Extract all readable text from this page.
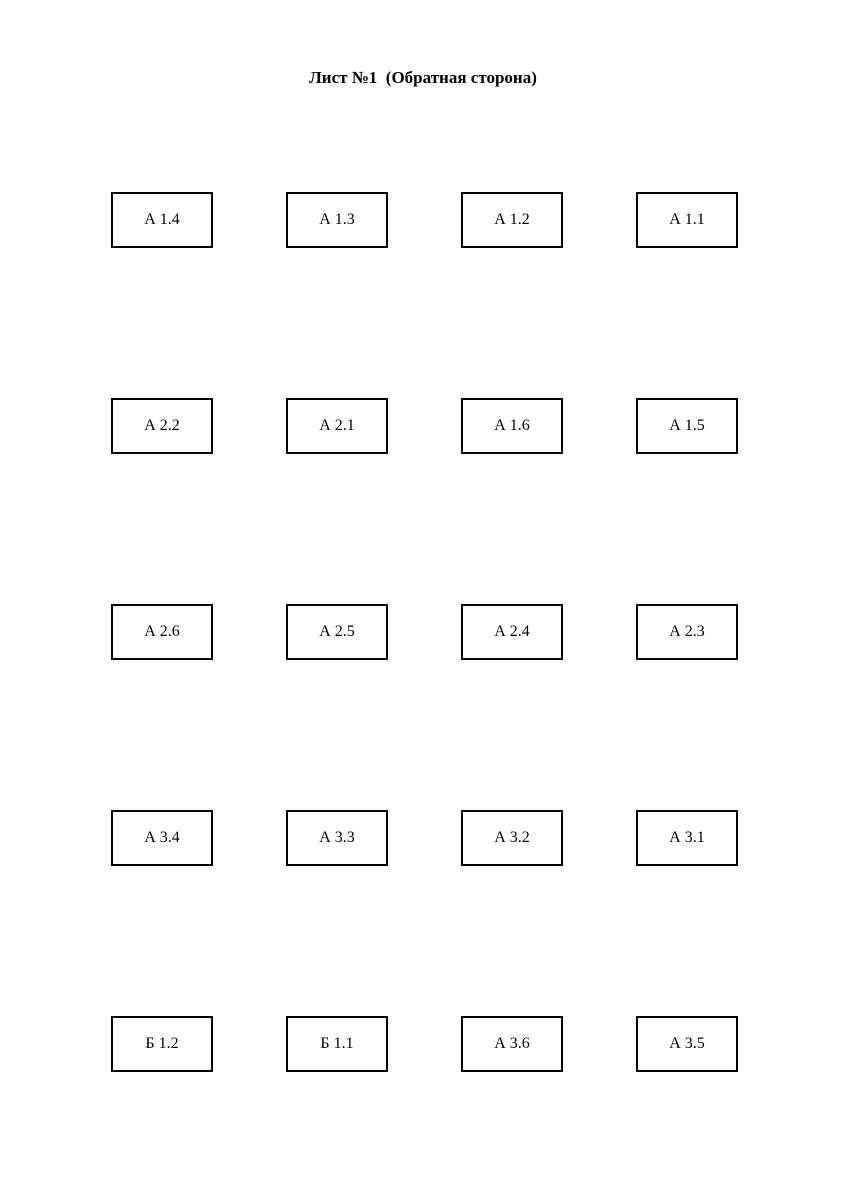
Лист №1  (Обратная сторона)
А 1.4	А 1.3	А 1.2	А 1.1
А 2.2	А 2.1	А 1.6	А 1.5
А 2.6	А 2.5	А 2.4	А 2.3
А 3.4	А 3.3	А 3.2	А 3.1
Б 1.2	Б 1.1	А 3.6	А 3.5
